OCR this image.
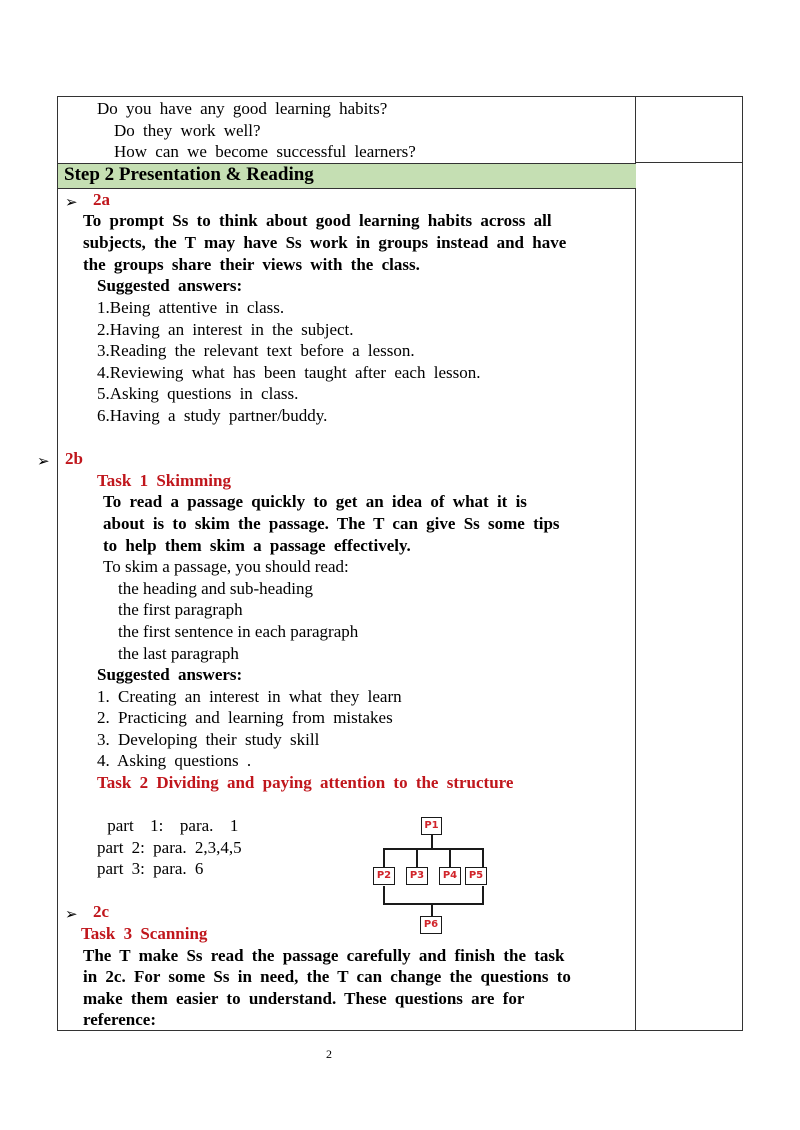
Do you have any good learning habits?
Do they work well?
How can we become successful learners?
Step 2 Presentation & Reading
➢ 2a
To prompt Ss to think about good learning habits across all
subjects, the T may have Ss work in groups instead and have
the groups share their views with the class.
Suggested answers:
1.Being attentive in class.
2.Having an interest in the subject.
3.Reading the relevant text before a lesson.
4.Reviewing what has been taught after each lesson.
5.Asking questions in class.
6.Having a study partner/buddy.
➢ 2b
Task 1 Skimming
To read a passage quickly to get an idea of what it is
about is to skim the passage. The T can give Ss some tips
to help them skim a passage effectively.
To skim a passage, you should read:
the heading and sub-heading
the first paragraph
the first sentence in each paragraph
the last paragraph
Suggested answers:
1. Creating an interest in what they learn
2. Practicing and learning from mistakes
3. Developing their study skill
4. Asking questions .
Task 2 Dividing and paying attention to the structure
part  1:  para.  1
part 2: para. 2,3,4,5
part 3: para. 6
P1
P2	P3	P4	P5
P6
➢ 2c
Task 3 Scanning
The T make Ss read the passage carefully and finish the task
in 2c. For some Ss in need, the T can change the questions to
make them easier to understand. These questions are for
reference:
2
